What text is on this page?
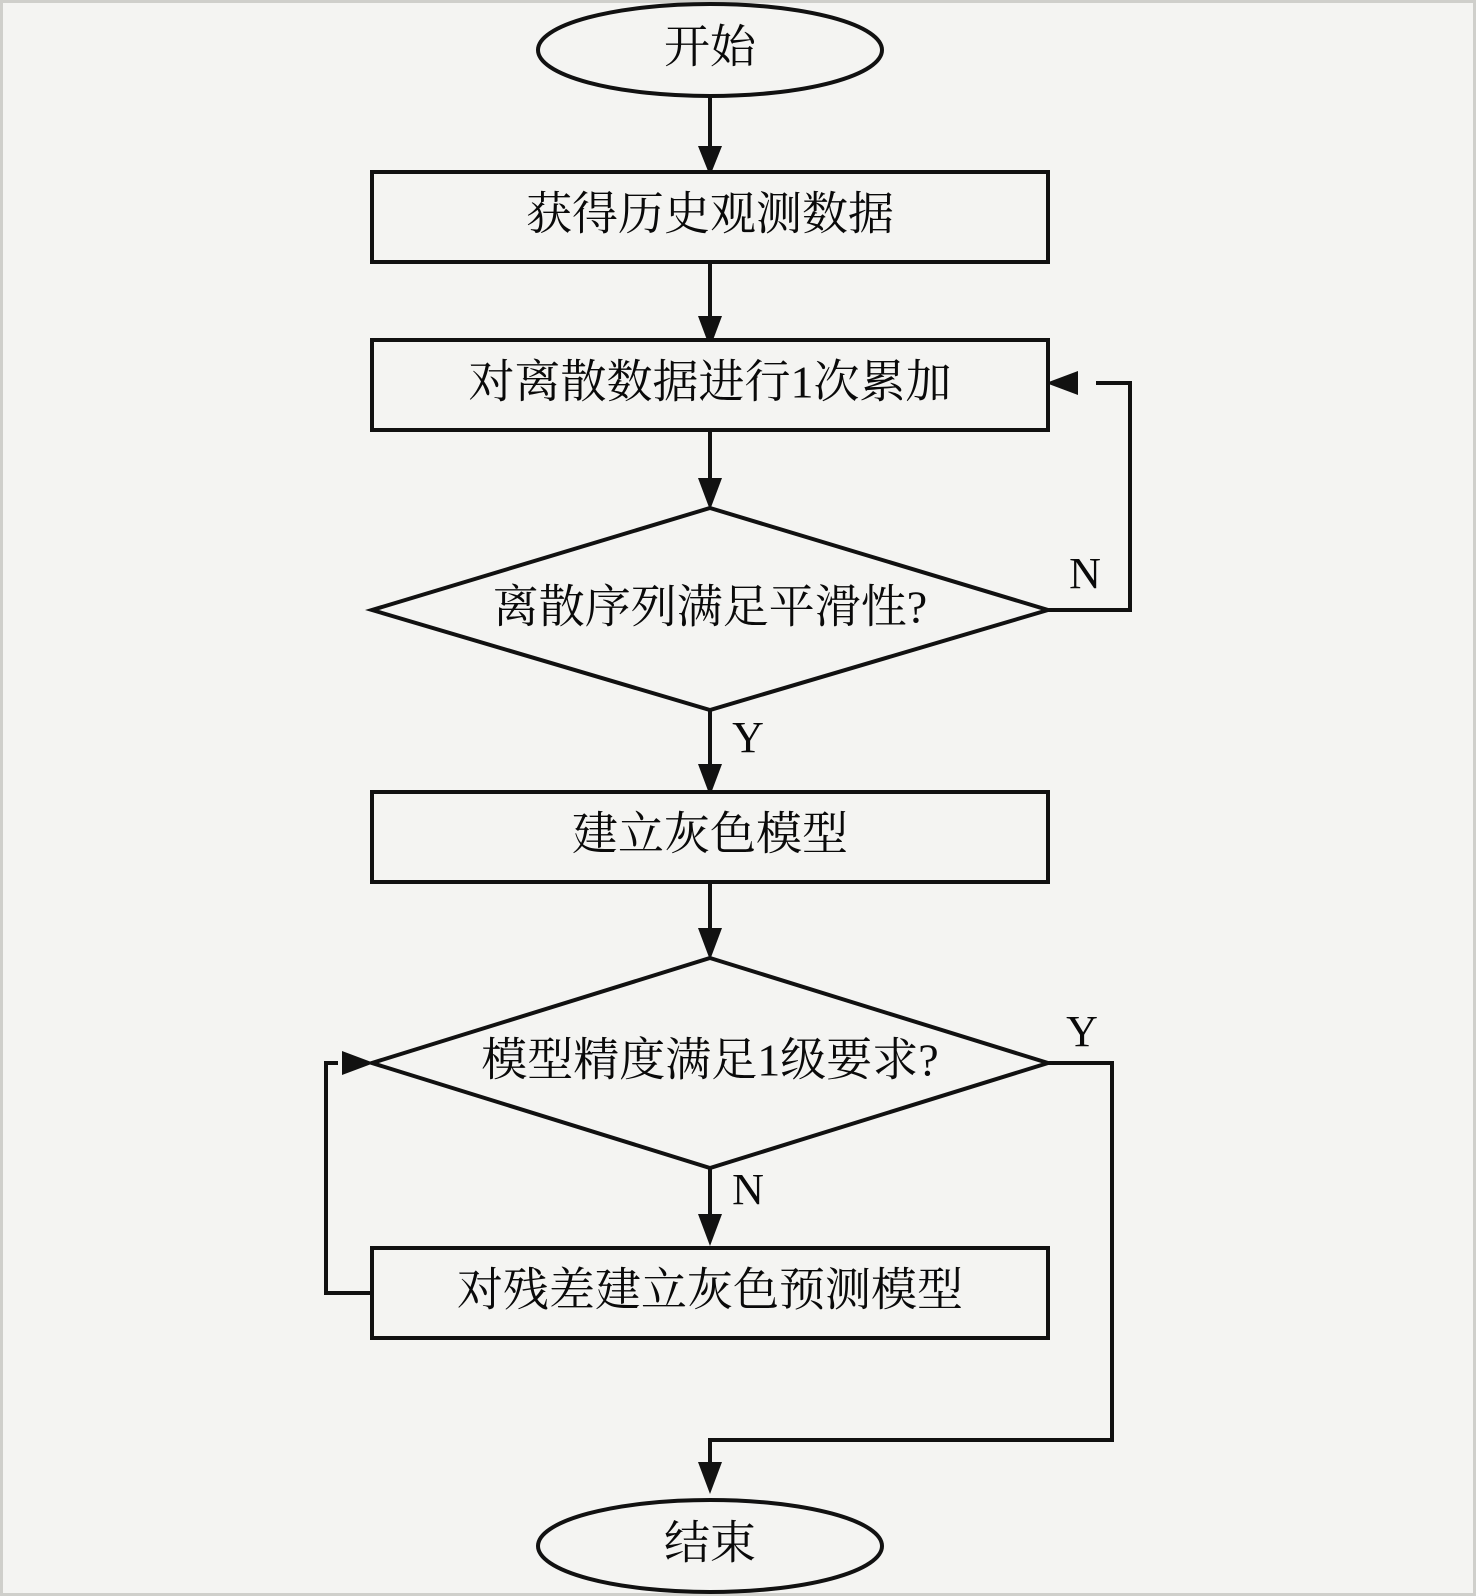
开始
获得历史观测数据
对离散数据进行1次累加
离散序列满足平滑性?
N
Y
建立灰色模型
模型精度满足1级要求?
Y
N
对残差建立灰色预测模型
结束
